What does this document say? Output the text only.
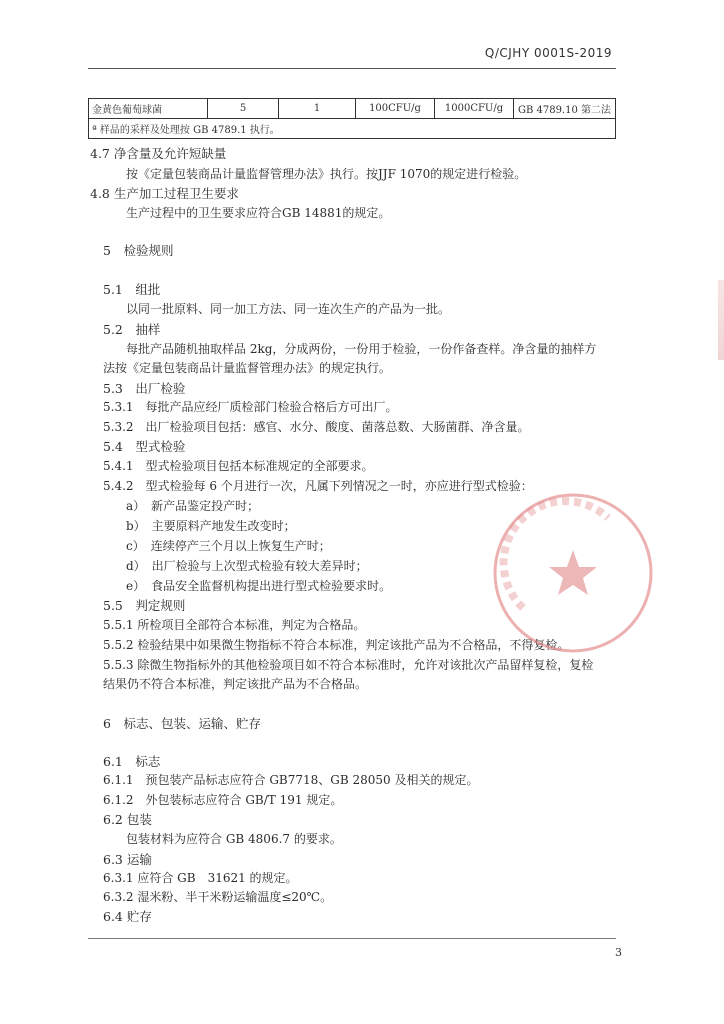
Q/CJHY 0001S-2019
金黄色葡萄球菌	5	1	100CFU/g	1000CFU/g	GB 4789.10 第二法
ª 样品的采样及处理按 GB 4789.1 执行。
4.7 净含量及允许短缺量
按《定量包装商品计量监督管理办法》执行。按JJF 1070的规定进行检验。
4.8 生产加工过程卫生要求
生产过程中的卫生要求应符合GB 14881的规定。
5　检验规则
5.1　组批
以同一批原料、同一加工方法、同一连次生产的产品为一批。
5.2　抽样
每批产品随机抽取样品 2kg，分成两份，一份用于检验，一份作备查样。净含量的抽样方
法按《定量包装商品计量监督管理办法》的规定执行。
5.3　出厂检验
5.3.1　每批产品应经厂质检部门检验合格后方可出厂。
5.3.2　出厂检验项目包括：感官、水分、酸度、菌落总数、大肠菌群、净含量。
5.4　型式检验
5.4.1　型式检验项目包括本标准规定的全部要求。
5.4.2　型式检验每 6 个月进行一次，凡属下列情况之一时，亦应进行型式检验：
a）　新产品鉴定投产时；
b）　主要原料产地发生改变时；
c）　连续停产三个月以上恢复生产时；
d）　出厂检验与上次型式检验有较大差异时；
e）　食品安全监督机构提出进行型式检验要求时。
5.5　判定规则
5.5.1 所检项目全部符合本标准，判定为合格品。
5.5.2 检验结果中如果微生物指标不符合本标准，判定该批产品为不合格品，不得复检。
5.5.3 除微生物指标外的其他检验项目如不符合本标准时，允许对该批次产品留样复检，复检
结果仍不符合本标准，判定该批产品为不合格品。
6　标志、包装、运输、贮存
6.1　标志
6.1.1　预包装产品标志应符合 GB7718、GB 28050 及相关的规定。
6.1.2　外包装标志应符合 GB/T 191 规定。
6.2 包装
包装材料为应符合 GB 4806.7 的要求。
6.3 运输
6.3.1 应符合 GB　31621 的规定。
6.3.2 湿米粉、半干米粉运输温度≤20℃。
6.4 贮存
3
